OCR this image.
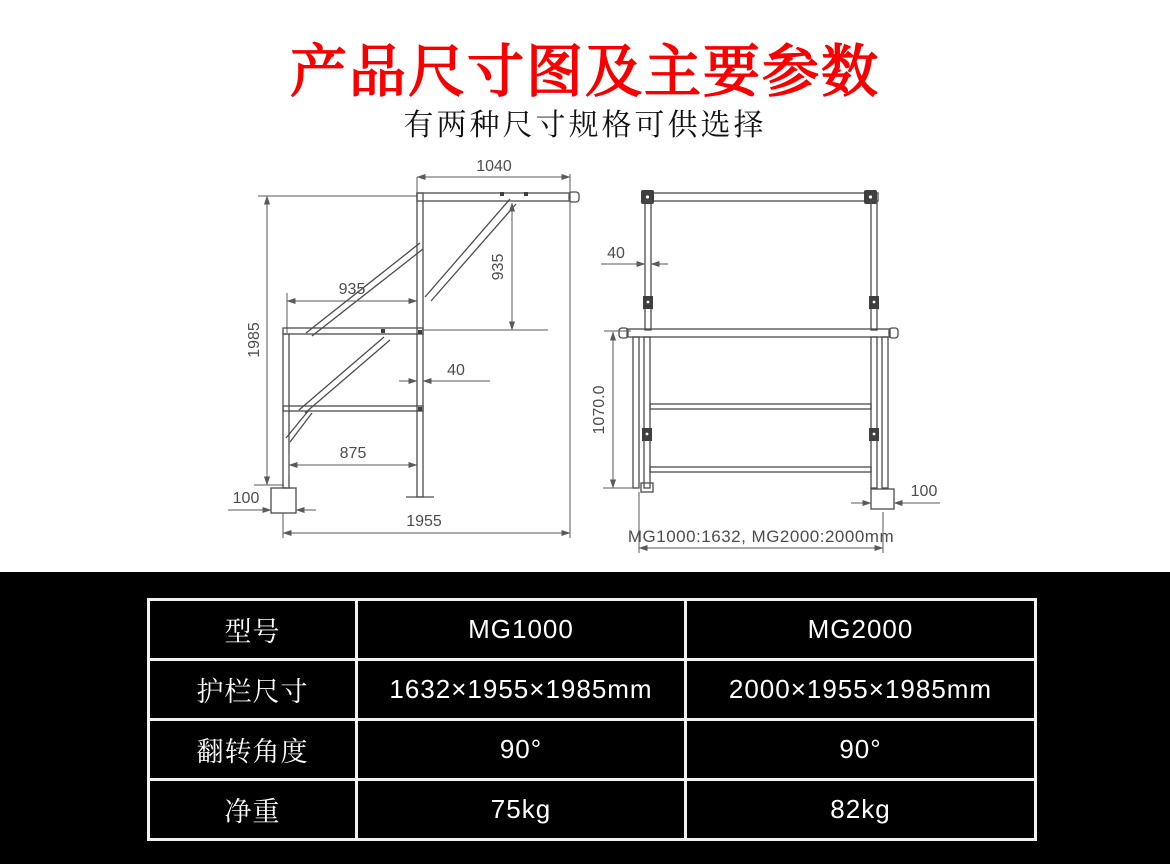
产品尺寸图及主要参数
有两种尺寸规格可供选择
1040
935
935
1985
40
875
100
1955
40
1070.0
100
MG1000:1632, MG2000:2000mm
型号	MG1000	MG2000
护栏尺寸	1632×1955×1985mm	2000×1955×1985mm
翻转角度	90°	90°
净重	75kg	82kg
